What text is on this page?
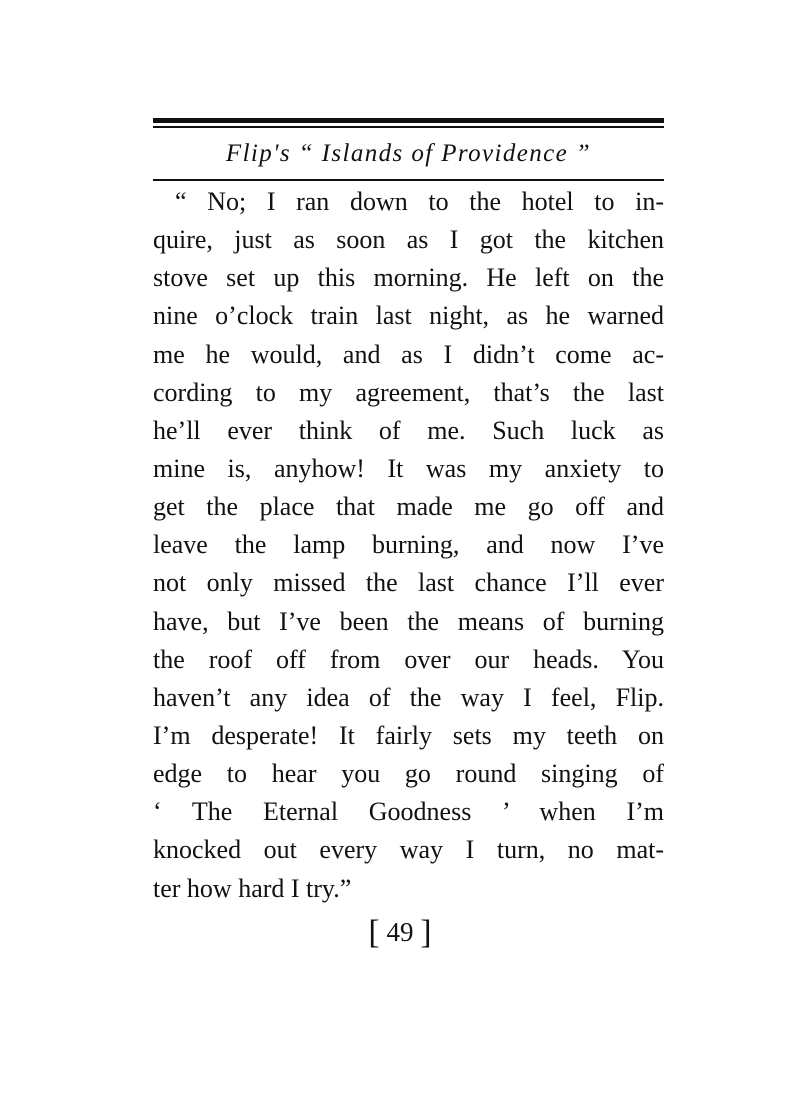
Flip's “ Islands of Providence ”
“ No; I ran down to the hotel to in-
quire, just as soon as I got the kitchen
stove set up this morning. He left on the
nine o’clock train last night, as he warned
me he would, and as I didn’t come ac-
cording to my agreement, that’s the last
he’ll ever think of me. Such luck as
mine is, anyhow! It was my anxiety to
get the place that made me go off and
leave the lamp burning, and now I’ve
not only missed the last chance I’ll ever
have, but I’ve been the means of burning
the roof off from over our heads. You
haven’t any idea of the way I feel, Flip.
I’m desperate! It fairly sets my teeth on
edge to hear you go round singing of
‘ The Eternal Goodness ’ when I’m
knocked out every way I turn, no mat-
ter how hard I try.”
[ 49 ]
